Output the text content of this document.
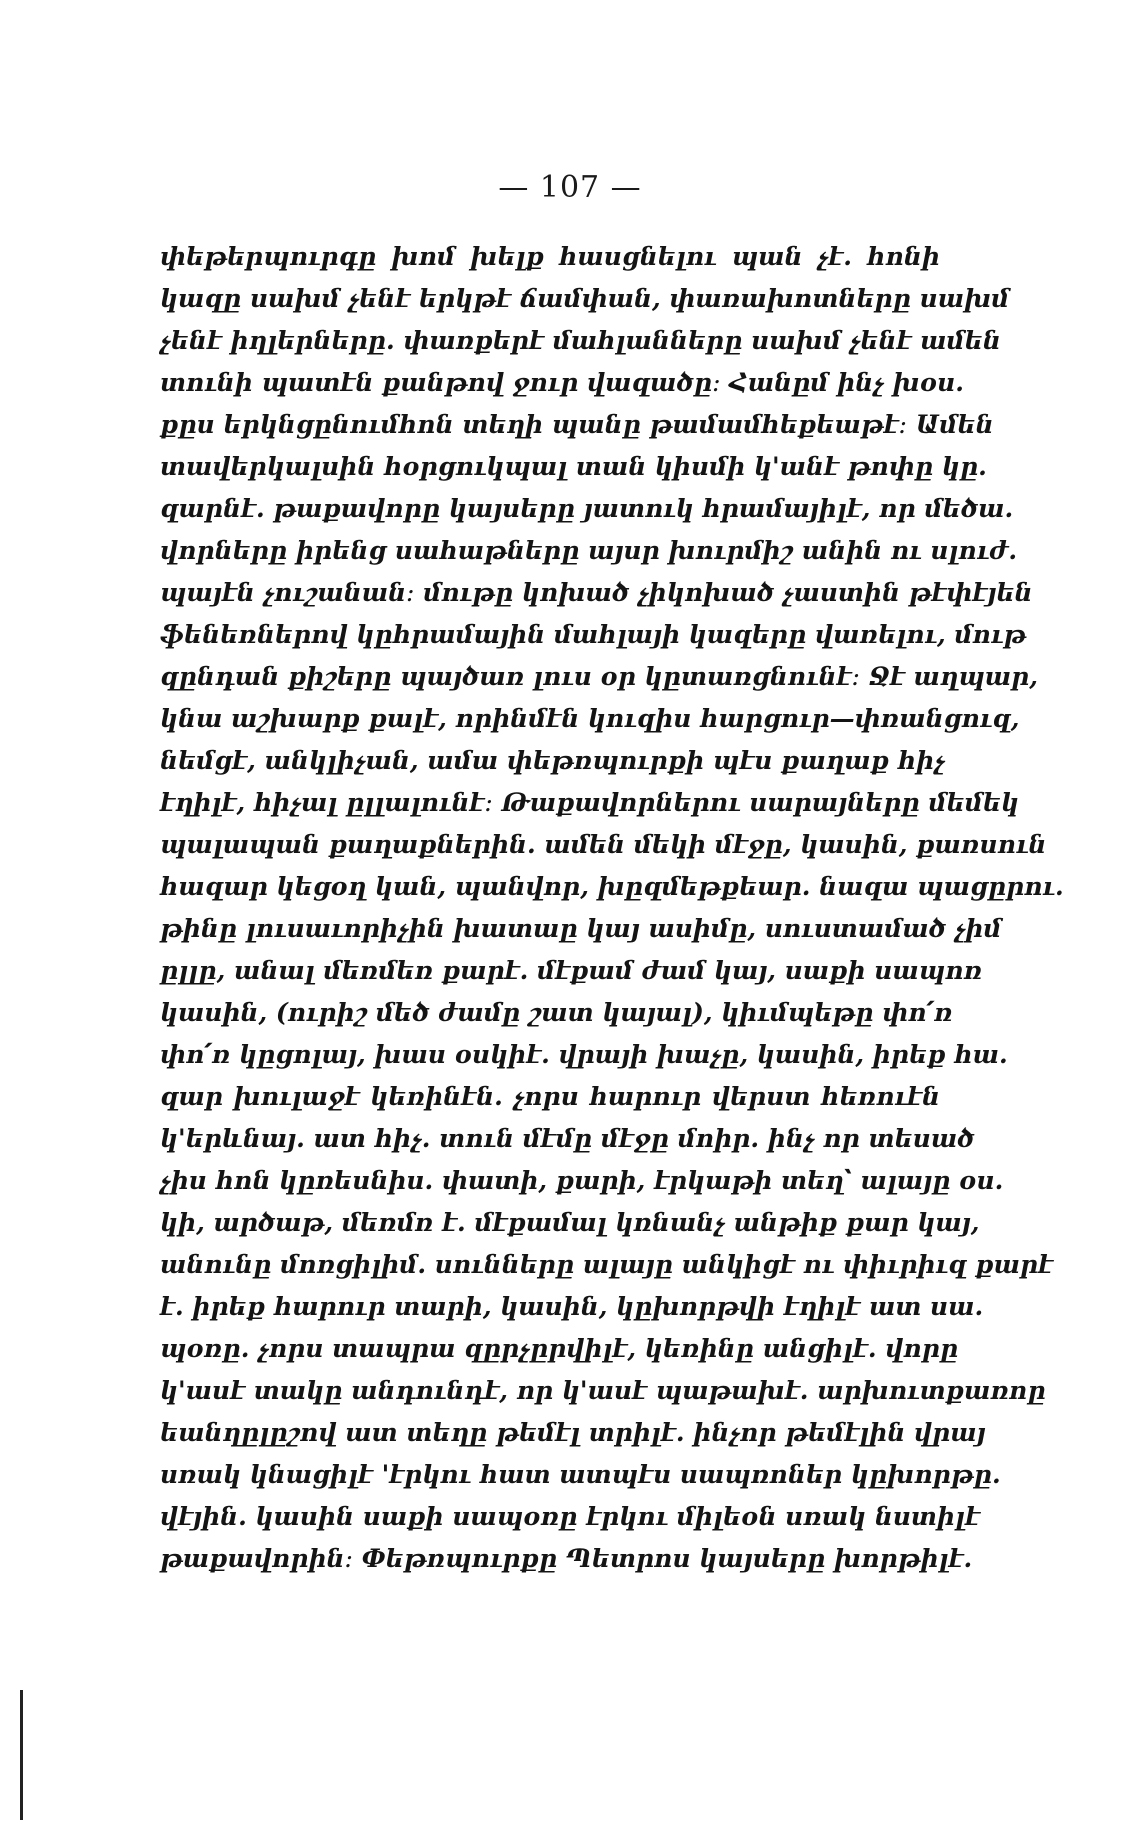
— 107 —
փեթերպուրգը խոմ խելք հասցնելու պան չէ. հոնի
կազը սախմ չենէ երկթէ ճամփան, փառախոտները սախմ
չենէ իղլերները. փառքերէ մահլանները սախմ չենէ ամեն
տունի պատէն քանթով ջուր վազածը։ Հանըմ ինչ խօս.
քըս երկնցընումհոն տեղի պանը թամամհեքեաթէ։ Ամեն
տավերկալսին հօրցուկպալ տան կիսմի կ'անէ թոփը կը.
զարնէ. թաքավորը կայսերը յատուկ հրամայիլէ, որ մեծա.
վորները իրենց սահաթները այսր խուրմիշ անին ու սլուժ.
պայէն չուշանան։ մութը կոխած չիկոխած չաստին թէփէյեն
ֆենեռներով կըհրամային մահլայի կազերը վառելու, մութ
զընդան քիշերը պայծառ լուս օր կըտառցնունէ։ Ջէ աղպար,
կնա աշխարք քալէ, որինմէն կուզիս հարցուր—փռանցուզ,
նեմցէ, անկլիչան, ամա փեթռպուրքի պէս քաղաք հիչ
էղիլէ, հիչալ ըլլալունէ։ Թաքավորներու սարայները մեմեկ
պալապան քաղաքներին. ամեն մեկի մէջը, կասին, քառսուն
հազար կեցօղ կան, պանվոր, խըզմեթքեար. նազա պացըրու.
թինը լուսաւորիչին խատաը կայ ասիմը, սուստամած չիմ
ըլլը, անալ մեռմեռ քարէ. մէքամ ժամ կայ, սաքի սապոռ
կասին, (ուրիշ մեծ ժամը շատ կայալ), կիւմպեթը փո՛ռ
փո՛ռ կըցոլայ, խաս օսկիէ. վրայի խաչը, կասին, իրեք հա.
զար խուլաջէ կեռինէն. չորս հարուր վերստ հեռուէն
կ'երևնայ. ատ հիչ. տուն մէմը մէջը մոիր. ինչ որ տեսած
չիս հոն կըռեսնիս. փատի, քարի, էրկաթի տեղ՝ ալայը օս.
կի, արծաթ, մեռմռ է. մէքամալ կռնանչ անթիք քար կայ,
անունը մոռցիլիմ. սունները ալայը անկիցէ ու փիւրիւզ քարէ
է. իրեք հարուր տարի, կասին, կըխորթվի էղիլէ ատ սա.
պօռը. չորս տապրա զըրչըրվիլէ, կեռինը անցիլէ. վորը
կ'ասէ տակը անդունդէ, որ կ'ասէ պաթախէ. արխուտքառոը
եանղըլըշով ատ տեղը թեմէլ տրիլէ. ինչոր թեմէլին վրայ
սռակ կնացիլէ 'էրկու հատ ատպէս սապռոներ կըխորթը.
վէյին. կասին սաքի սապօռը էրկու միլեօն սռակ նստիլէ
թաքավորին։ Փեթռպուրքը Պետրոս կայսերը խորթիլէ.
